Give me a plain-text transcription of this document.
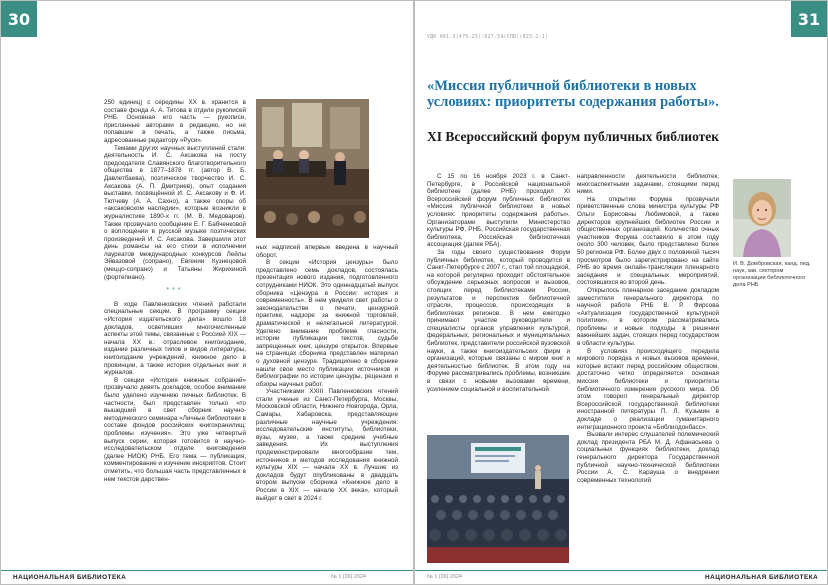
30

250 единиц) с середины XX в. хранится в составе фонда А. А. Титова в отделе рукописей РНБ. Основная его часть — рукописи, присланные авторами в редакцию, но не попавшие в печать, а также письма, адресованные редактору «Руси».

Темами других научных выступлений стали: деятельность И. С. Аксакова на посту председателя Славянского благотворительного общества в 1877–1878 гг. (автор В. Б. Давлетбаева), поэтическое творчество И. С. Аксакова (А. П. Дмитриев), опыт создания выставки, посвящённой И. С. Аксакову и Ф. И. Тютчеву (А. А. Сахно), а также споры об «аксаковском наследии», которые возникли в журналистике 1890-х гг. (М. В. Медоваров). Также прозвучало сообщение Е. Г. Бабченковой о воплощении в русской музыке поэтических произведений И. С. Аксакова. Завершили этот день романсы на его стихи в исполнении лауреатов международных конкурсов Лейлы Эйвазовой (сопрано), Евгении Кузнецовой (меццо-сопрано) и Татьяны Жирихиной (фортепиано).

***

В ходе Павленковских чтений работали специальные секции. В программу секции «История издательского дела» вошло 18 докладов, осветивших многочисленные аспекты этой темы, связанные с Россией XIX — начала XX в.: отраслевое книгоиздание, издание различных типов и видов литературы, книгоиздание учреждений, книжное дело в провинции, а также история отдельных книг и журналов.

В секции «История книжных собраний» прозвучало девять докладов, особое внимание было уделено изучению личных библиотек. В частности, был представлен только что вышедший в свет сборник научно-методического семинара «Личные библиотеки в составе фондов российских книгохранилищ: проблемы изучения». Это уже четвертый выпуск серии, которая готовится в научно-исследовательском отделе книговедения (далее НИОК) РНБ. Его тема — публикация, комментирование и изучение инскриптов. Стоит отметить, что большая часть представленных в нем текстов дарствен-

ных надписей впервые введена в научный оборот.

В секции «История цензуры» было представлено семь докладов, состоялась презентация нового издания, подготовленного сотрудниками НИОК. Это одиннадцатый выпуск сборника «Цензура в России: история и современность». В нем увидели свет работы о законодательстве о печати, цензурной практике, надзоре за книжной торговлей, драматической и нелегальной литературой. Уделено внимание проблеме гласности, истории публикации текстов, судьбе запрещенных книг, цензуре открыток. Впервые на страницах сборника представлен материал о духовной цензуре. Традиционно в сборнике нашли свое место публикации источников и библиографии по истории цензуры, рецензии и обзоры научных работ.

Участниками XXIII Павленковских чтений стали ученые из Санкт-Петербурга, Москвы, Московской области, Нижнего Новгорода, Орла, Самары, Хабаровска, представляющие различные научные учреждения: исследовательские институты, библиотеки, вузы, музеи, а также средние учебные заведения. Их выступления продемонстрировали многообразие тем, источников и методов исследования книжной культуры XIX — начала XX в. Лучшие из докладов будут опубликованы в двадцать втором выпуске сборника «Книжное дело в России в XIX — начале XX века», который выйдет в свет в 2024 г.

НАЦИОНАЛЬНАЯ БИБЛИОТЕКА	№ 1 (26) 2024
31
УДК 061.3(470-25):027.54(СПБ)(023-2:1)
«Миссия публичной библиотеки в новых условиях: приоритеты содержания работы».
XI Всероссийский форум публичных библиотек

С 15 по 16 ноября 2023 г. в Санкт-Петербурге, в Российской национальной библиотеке (далее РНБ) проходил XI Всероссийский форум публичных библиотек «Миссия публичной библиотеки в новых условиях: приоритеты содержания работы». Организаторами выступили Министерство культуры РФ, РНБ, Российская государственная библиотека, Российская библиотечная ассоциация (далее РБА).

За годы своего существования Форум публичных библиотек, который проводится в Санкт-Петербурге с 2007 г., стал той площадкой, на которой регулярно проходит обстоятельное обсуждение серьезных вопросов и вызовов, стоящих перед библиотеками России, результатов и перспектив библиотечной отрасли, процессов, происходящих в библиотеках регионов. В нем ежегодно принимают участие руководители и специалисты органов управления культурой, федеральных, региональных и муниципальных библиотек, представители российской вузовской науки, а также книгоиздательских фирм и организаций, которые связаны с миром книг и деятельностью библиотек. В этом году на Форуме рассматривались проблемы, возникшие в связи с новыми вызовами времени, усилением социальной и воспитательной

направленности деятельности библиотек, многоаспектными задачами, стоящими перед ними.

На открытии Форума прозвучали приветственные слова министра культуры РФ Ольги Борисовны Любимовой, а также директоров крупнейших библиотек России и общественных организаций. Количество очных участников Форума составило в этом году около 300 человек, было представлено более 50 регионов РФ. Более двух с половиной тысяч просмотров было зарегистрировано на сайте РНБ во время онлайн-трансляции пленарного заседания и специальных мероприятий, состоявшихся во второй день.

Открылось пленарное заседание докладом заместителя генерального директора по научной работе РНБ В. Р. Фирсова «Актуализация государственной культурной политики», в котором рассматривались проблемы и новые подходы в решении важнейших задач, стоящих перед государством в области культуры.

В условиях происходящего передела мирового порядка и новых вызовов времени, которые встают перед российским обществом, достаточно четко определяется основная миссия библиотеки и приоритеты библиотечного измерения русского мира. Об этом говорил генеральный директор Всероссийской государственной библиотеки иностранной литературы П. Л. Кузьмин в докладе о реализации гуманитарного интеграционного проекта «Библиодонбасс».

Вызвали интерес слушателей полемический доклад президента РБА М. Д. Афанасьева о социальных функциях библиотеки, доклад генерального директора Государственной публичной научно-технической библиотеки России А. С. Карауша о внедрении современных технологий

И. В. Домбровская, канд. пед. наук, зав. сектором организации библиотечного дела РНБ
№ 1 (26) 2024	НАЦИОНАЛЬНАЯ БИБЛИОТЕКА
